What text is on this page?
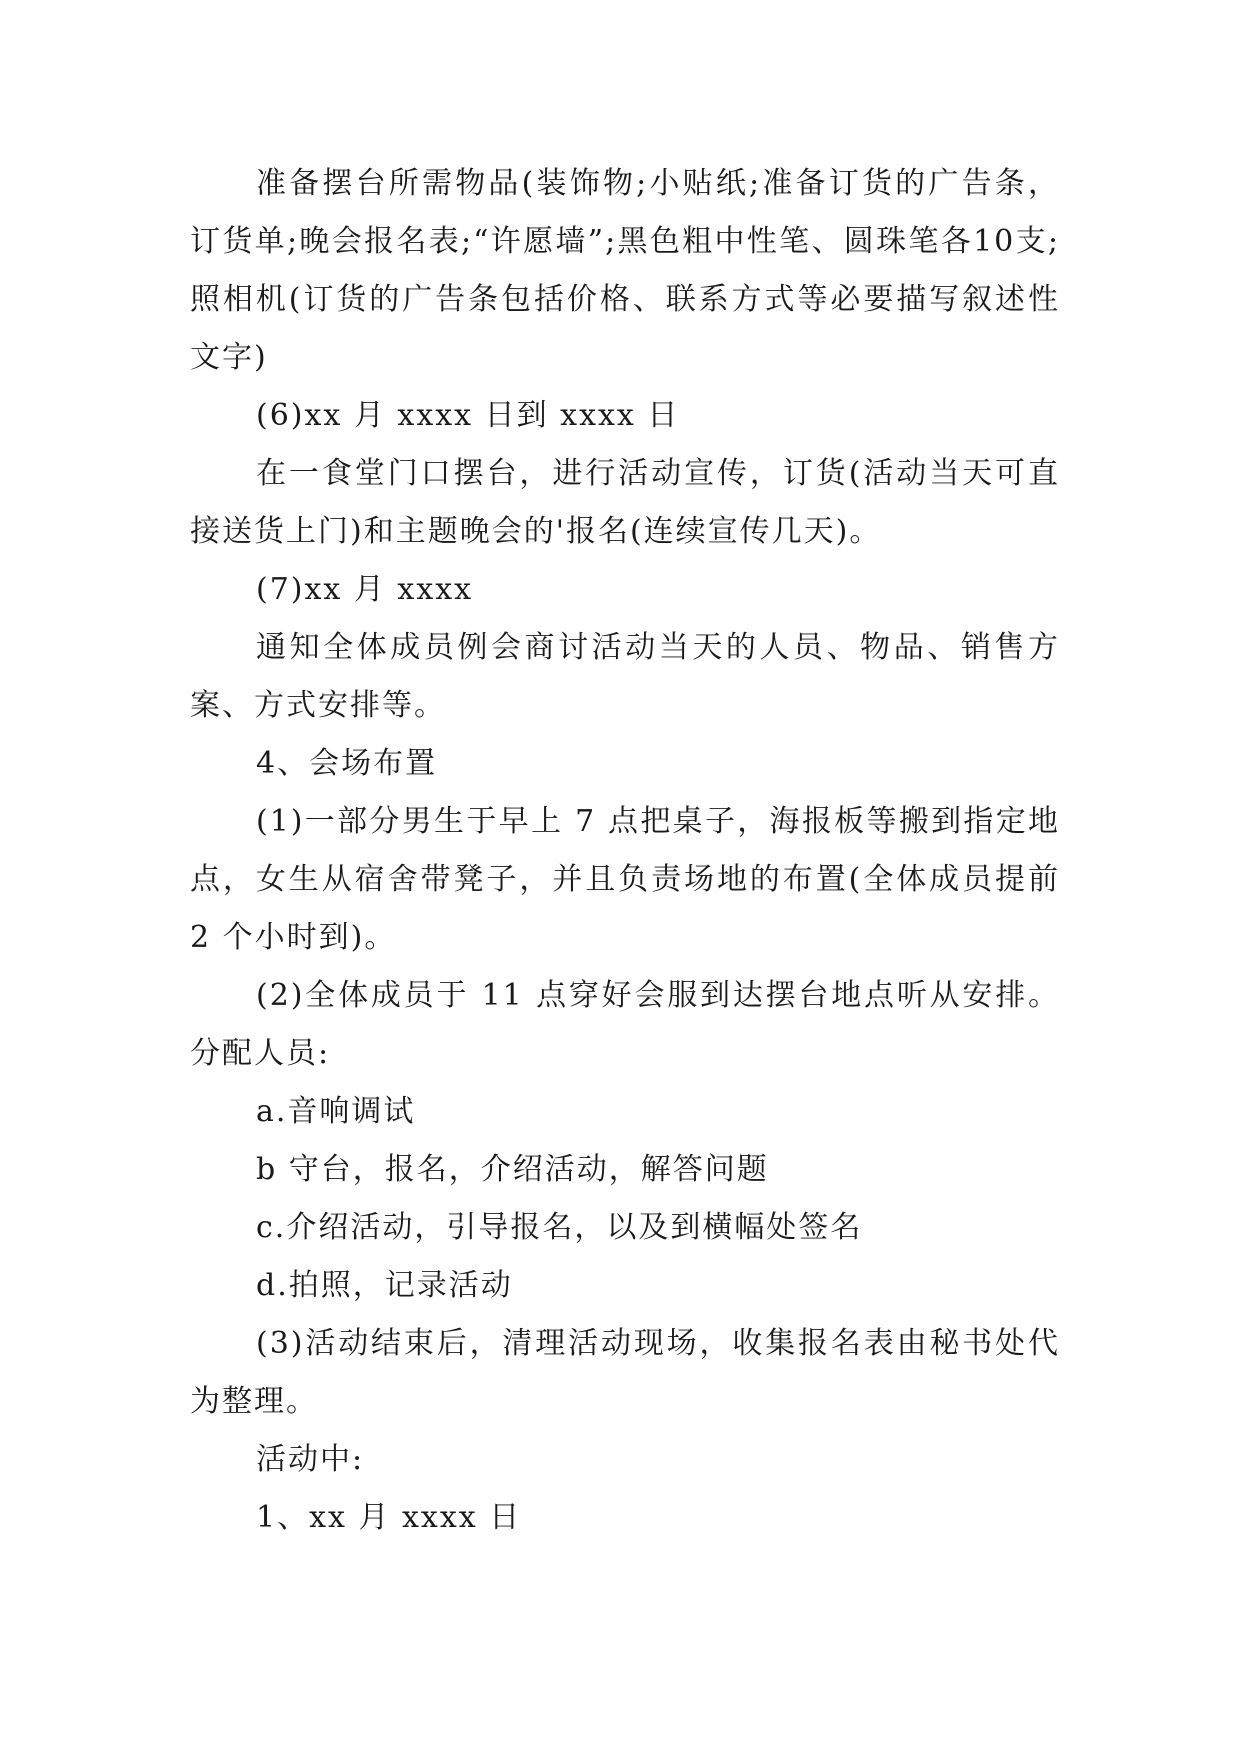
准备摆台所需物品(装饰物;小贴纸;准备订货的广告条，订货单;晚会报名表;“许愿墙”;黑色粗中性笔、圆珠笔各10支;照相机(订货的广告条包括价格、联系方式等必要描写叙述性文字)

(6)xx 月 xxxx 日到 xxxx 日

在一食堂门口摆台，进行活动宣传，订货(活动当天可直接送货上门)和主题晚会的'报名(连续宣传几天)。

(7)xx 月 xxxx

通知全体成员例会商讨活动当天的人员、物品、销售方案、方式安排等。

4、会场布置

(1)一部分男生于早上 7 点把桌子，海报板等搬到指定地点，女生从宿舍带凳子，并且负责场地的布置(全体成员提前 2 个小时到)。

(2)全体成员于 11 点穿好会服到达摆台地点听从安排。分配人员:

a.音响调试

b 守台，报名，介绍活动，解答问题

c.介绍活动，引导报名，以及到横幅处签名

d.拍照，记录活动

(3)活动结束后，清理活动现场，收集报名表由秘书处代为整理。

活动中:

1、xx 月 xxxx 日
